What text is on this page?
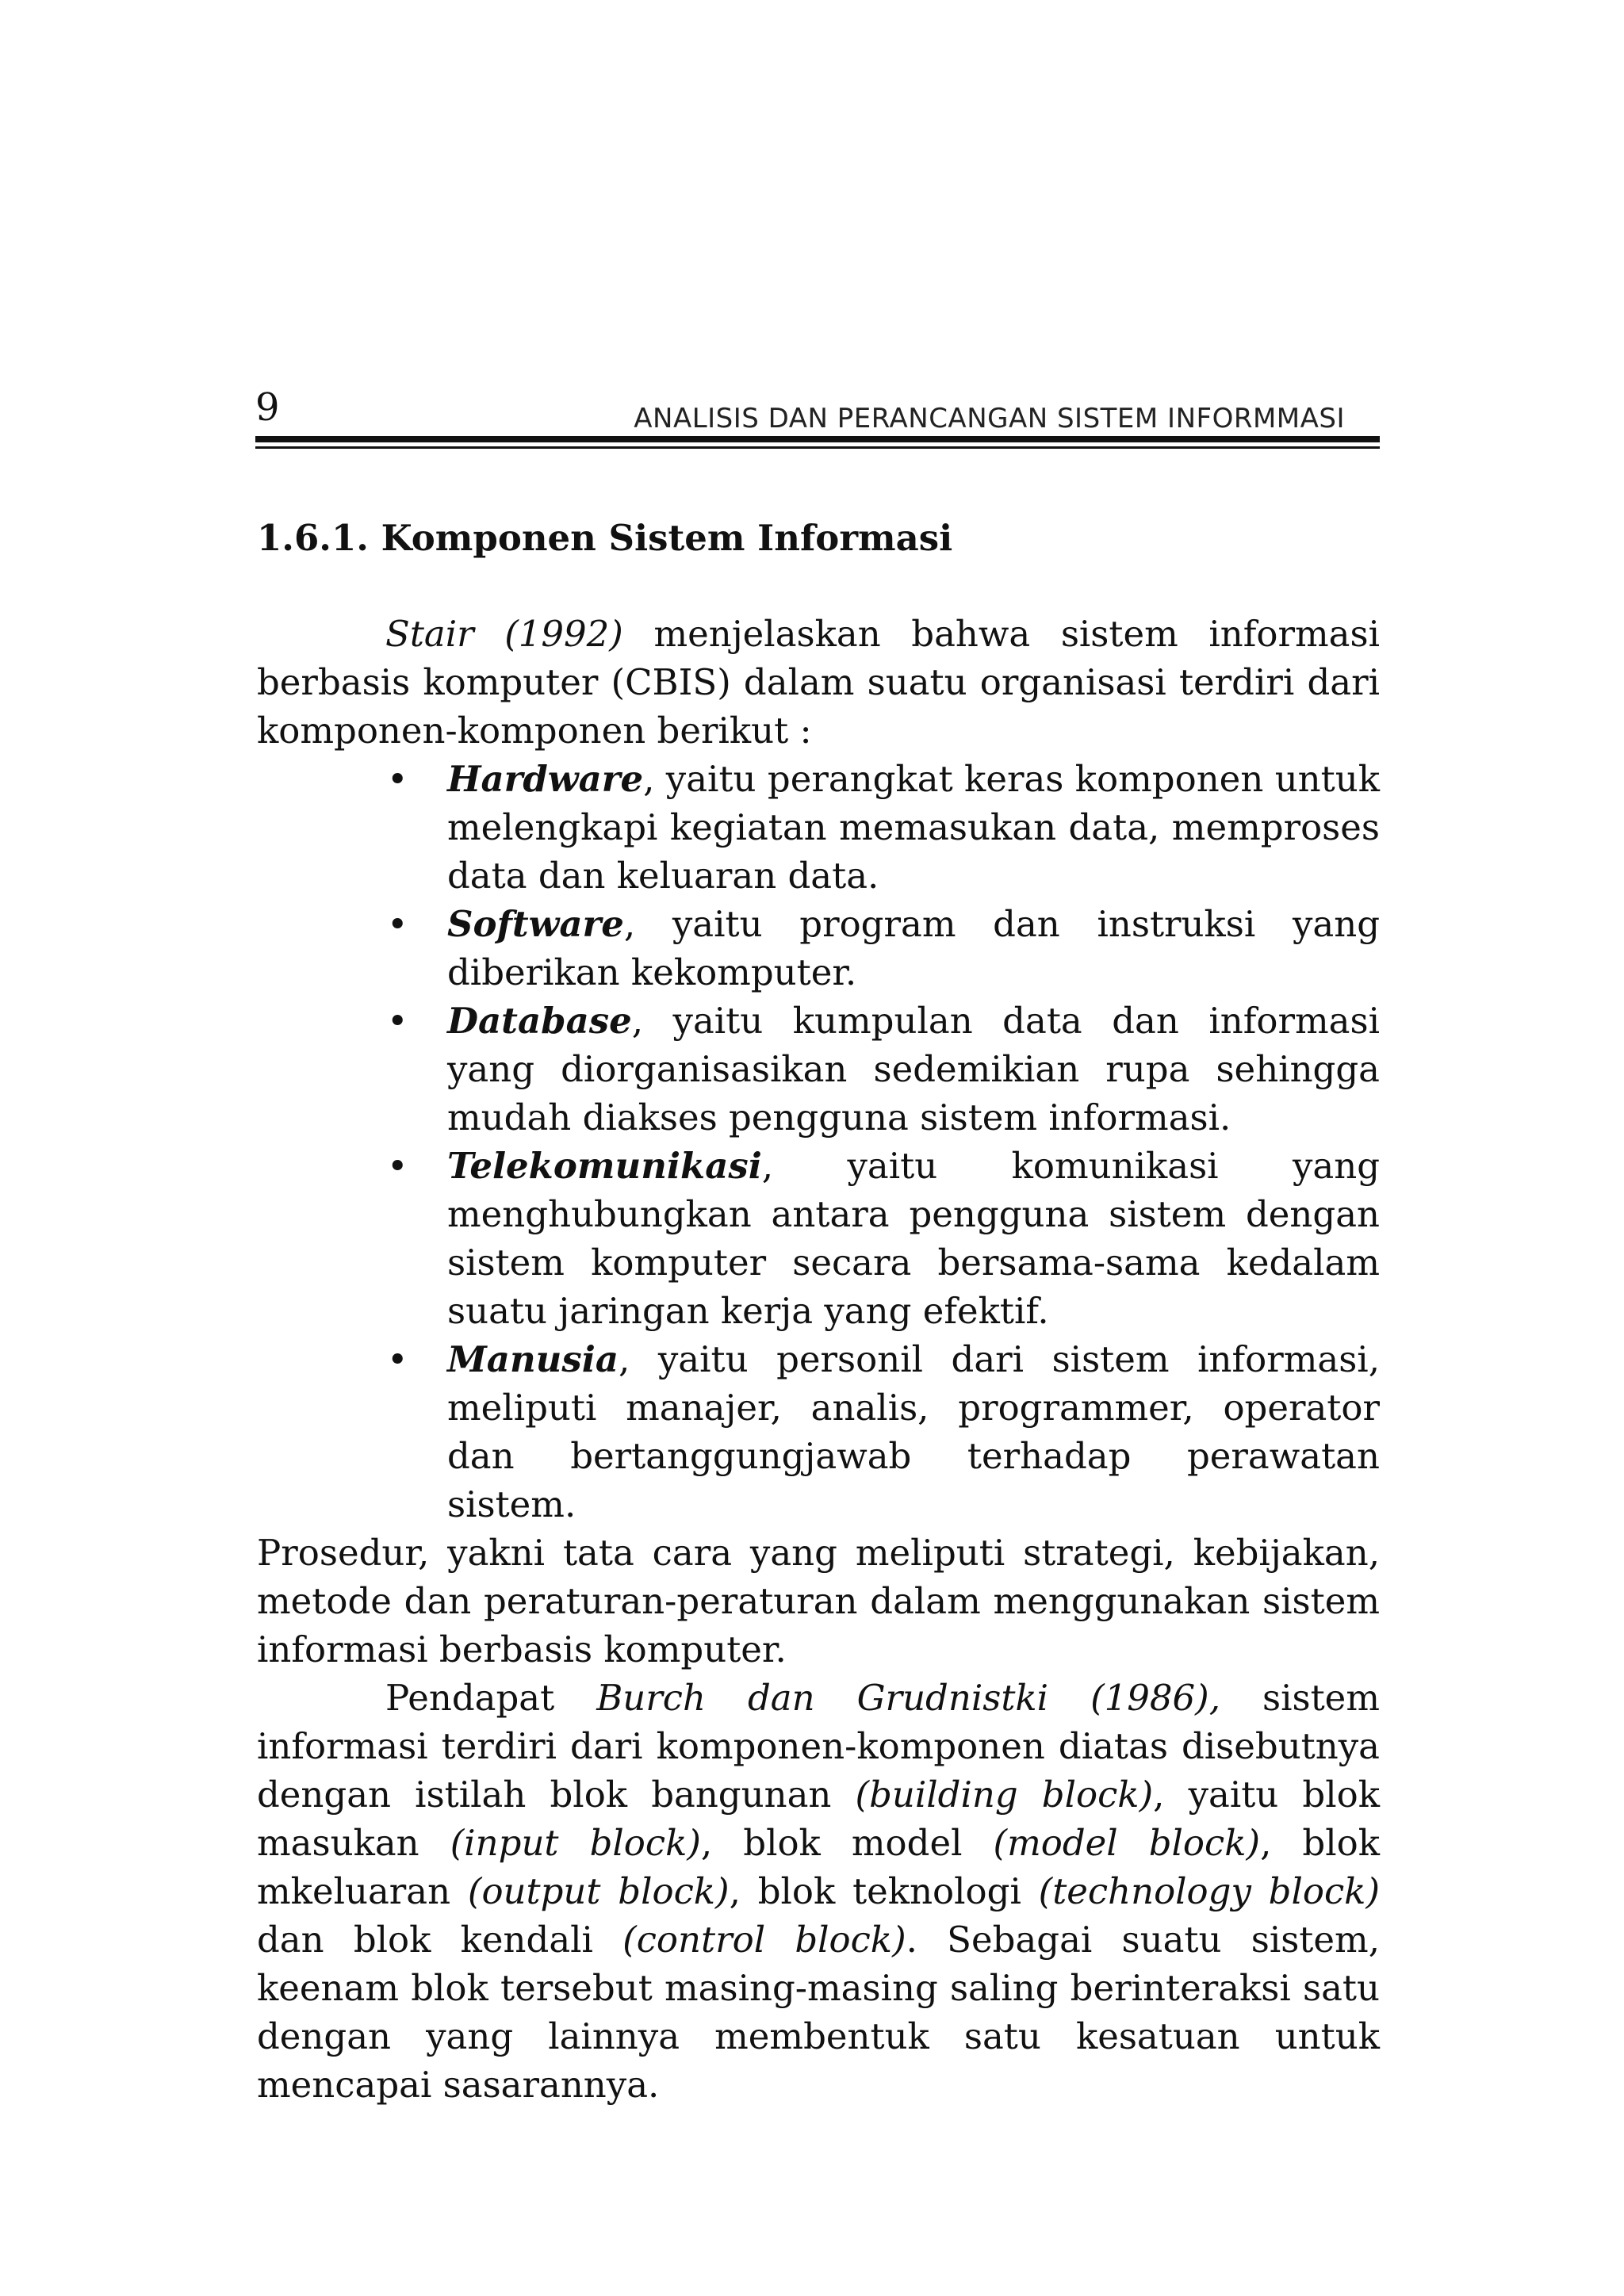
9	ANALISIS DAN PERANCANGAN SISTEM INFORMMASI
1.6.1. Komponen Sistem Informasi

Stair (1992) menjelaskan bahwa sistem informasi berbasis komputer (CBIS) dalam suatu organisasi terdiri dari komponen-komponen berikut :

• Hardware, yaitu perangkat keras komponen untuk melengkapi kegiatan memasukan data, memproses data dan keluaran data.
• Software, yaitu program dan instruksi yang diberikan kekomputer.
• Database, yaitu kumpulan data dan informasi yang diorganisasikan sedemikian rupa sehingga mudah diakses pengguna sistem informasi.
• Telekomunikasi, yaitu komunikasi yang menghubungkan antara pengguna sistem dengan sistem komputer secara bersama-sama kedalam suatu jaringan kerja yang efektif.
• Manusia, yaitu personil dari sistem informasi, meliputi manajer, analis, programmer, operator dan bertanggungjawab terhadap perawatan sistem.

Prosedur, yakni tata cara yang meliputi strategi, kebijakan, metode dan peraturan-peraturan dalam menggunakan sistem informasi berbasis komputer.

Pendapat Burch dan Grudnistki (1986), sistem informasi terdiri dari komponen-komponen diatas disebutnya dengan istilah blok bangunan (building block), yaitu blok masukan (input block), blok model (model block), blok mkeluaran (output block), blok teknologi (technology block) dan blok kendali (control block). Sebagai suatu sistem, keenam blok tersebut masing-masing saling berinteraksi satu dengan yang lainnya membentuk satu kesatuan untuk mencapai sasarannya.
